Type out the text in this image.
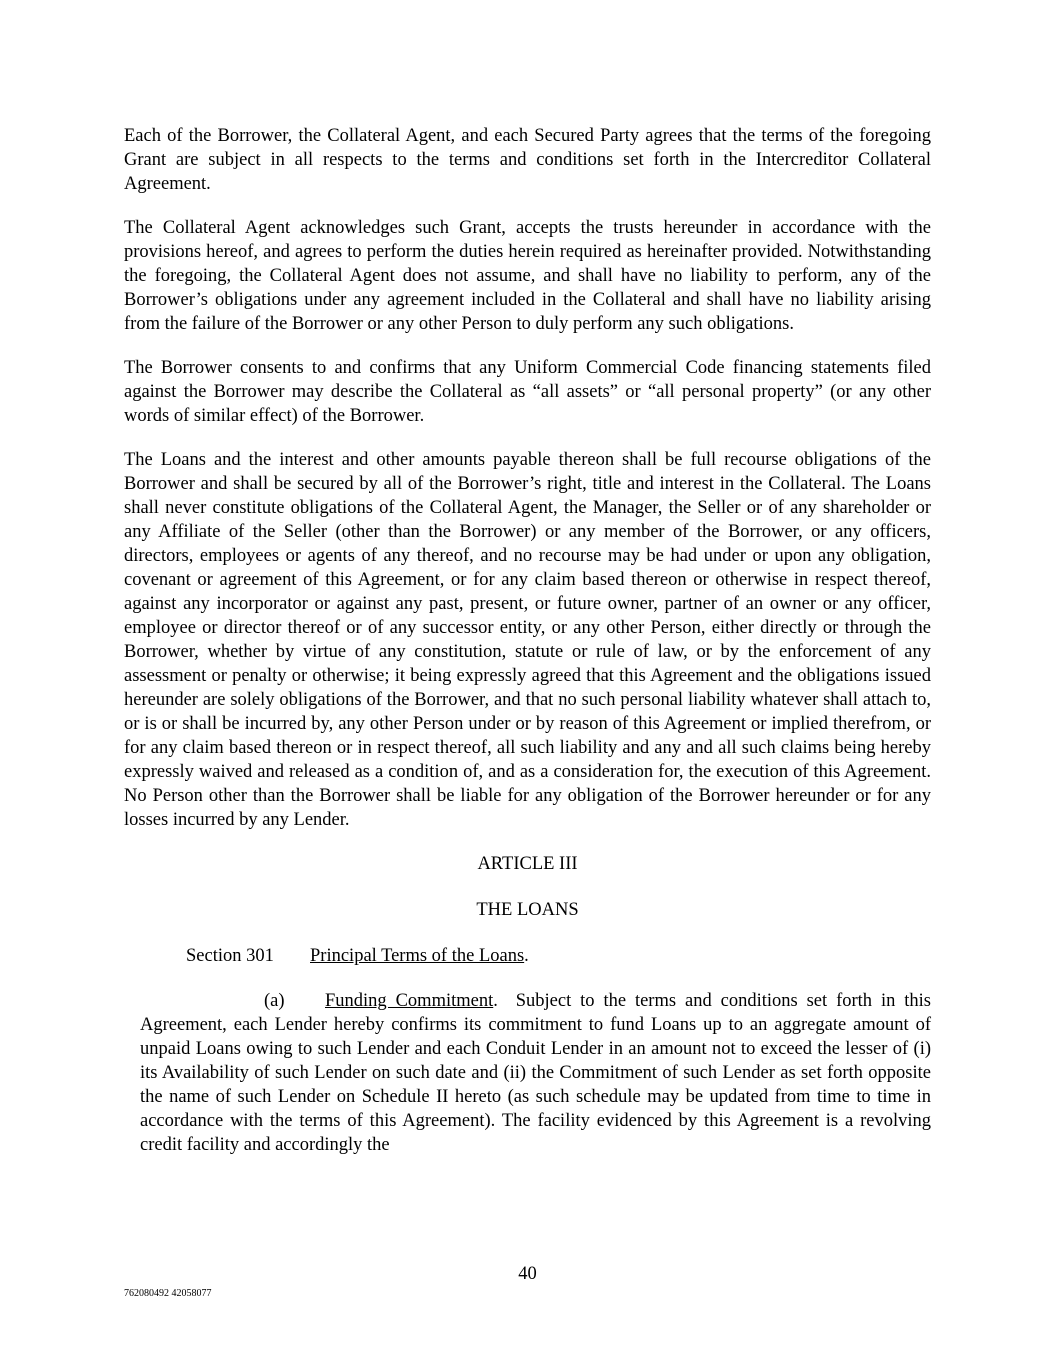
Each of the Borrower, the Collateral Agent, and each Secured Party agrees that the terms of the foregoing Grant are subject in all respects to the terms and conditions set forth in the Intercreditor Collateral Agreement.

The Collateral Agent acknowledges such Grant, accepts the trusts hereunder in accordance with the provisions hereof, and agrees to perform the duties herein required as hereinafter provided. Notwithstanding the foregoing, the Collateral Agent does not assume, and shall have no liability to perform, any of the Borrower’s obligations under any agreement included in the Collateral and shall have no liability arising from the failure of the Borrower or any other Person to duly perform any such obligations.

The Borrower consents to and confirms that any Uniform Commercial Code financing statements filed against the Borrower may describe the Collateral as “all assets” or “all personal property” (or any other words of similar effect) of the Borrower.

The Loans and the interest and other amounts payable thereon shall be full recourse obligations of the Borrower and shall be secured by all of the Borrower’s right, title and interest in the Collateral. The Loans shall never constitute obligations of the Collateral Agent, the Manager, the Seller or of any shareholder or any Affiliate of the Seller (other than the Borrower) or any member of the Borrower, or any officers, directors, employees or agents of any thereof, and no recourse may be had under or upon any obligation, covenant or agreement of this Agreement, or for any claim based thereon or otherwise in respect thereof, against any incorporator or against any past, present, or future owner, partner of an owner or any officer, employee or director thereof or of any successor entity, or any other Person, either directly or through the Borrower, whether by virtue of any constitution, statute or rule of law, or by the enforcement of any assessment or penalty or otherwise; it being expressly agreed that this Agreement and the obligations issued hereunder are solely obligations of the Borrower, and that no such personal liability whatever shall attach to, or is or shall be incurred by, any other Person under or by reason of this Agreement or implied therefrom, or for any claim based thereon or in respect thereof, all such liability and any and all such claims being hereby expressly waived and released as a condition of, and as a consideration for, the execution of this Agreement. No Person other than the Borrower shall be liable for any obligation of the Borrower hereunder or for any losses incurred by any Lender.

ARTICLE III
THE LOANS
Section 301 Principal Terms of the Loans.

(a) Funding Commitment. Subject to the terms and conditions set forth in this Agreement, each Lender hereby confirms its commitment to fund Loans up to an aggregate amount of unpaid Loans owing to such Lender and each Conduit Lender in an amount not to exceed the lesser of (i) its Availability of such Lender on such date and (ii) the Commitment of such Lender as set forth opposite the name of such Lender on Schedule II hereto (as such schedule may be updated from time to time in accordance with the terms of this Agreement). The facility evidenced by this Agreement is a revolving credit facility and accordingly the

40
762080492 42058077
